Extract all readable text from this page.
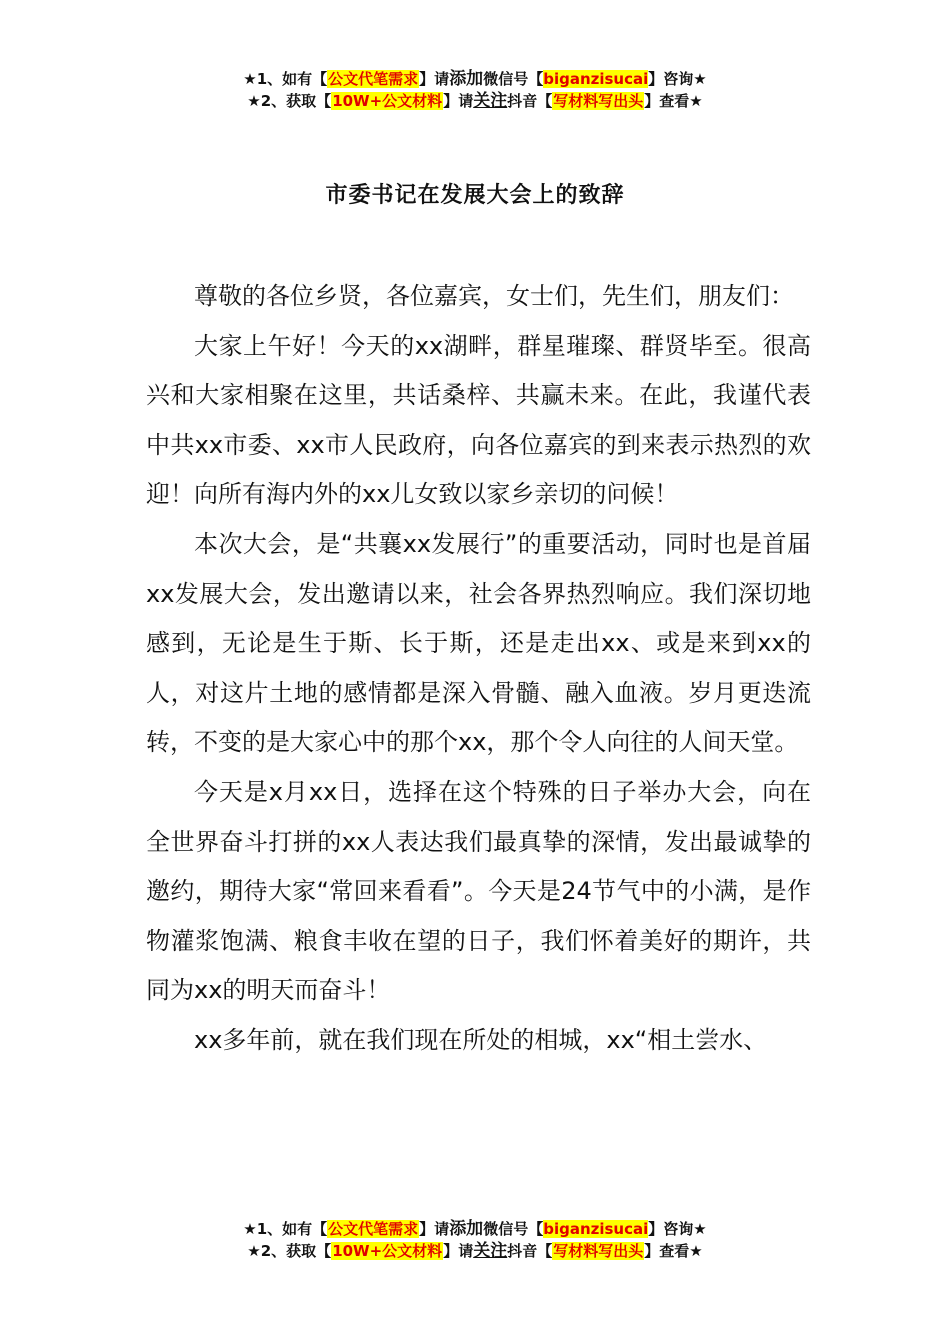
★1、如有【公文代笔需求】请添加微信号【biganzisucai】咨询★
★2、获取【10W+公文材料】请关注抖音【写材料写出头】查看★
市委书记在发展大会上的致辞

尊敬的各位乡贤，各位嘉宾，女士们，先生们，朋友们：

大家上午好！今天的xx湖畔，群星璀璨、群贤毕至。很高兴和大家相聚在这里，共话桑梓、共赢未来。在此，我谨代表中共xx市委、xx市人民政府，向各位嘉宾的到来表示热烈的欢迎！向所有海内外的xx儿女致以家乡亲切的问候！

本次大会，是“共襄xx发展行”的重要活动，同时也是首届xx发展大会，发出邀请以来，社会各界热烈响应。我们深切地感到，无论是生于斯、长于斯，还是走出xx、或是来到xx的人，对这片土地的感情都是深入骨髓、融入血液。岁月更迭流转，不变的是大家心中的那个xx，那个令人向往的人间天堂。

今天是x月xx日，选择在这个特殊的日子举办大会，向在全世界奋斗打拼的xx人表达我们最真挚的深情，发出最诚挚的邀约，期待大家“常回来看看”。今天是24节气中的小满，是作物灌浆饱满、粮食丰收在望的日子，我们怀着美好的期许，共同为xx的明天而奋斗！

xx多年前，就在我们现在所处的相城，xx“相土尝水、

★1、如有【公文代笔需求】请添加微信号【biganzisucai】咨询★
★2、获取【10W+公文材料】请关注抖音【写材料写出头】查看★
